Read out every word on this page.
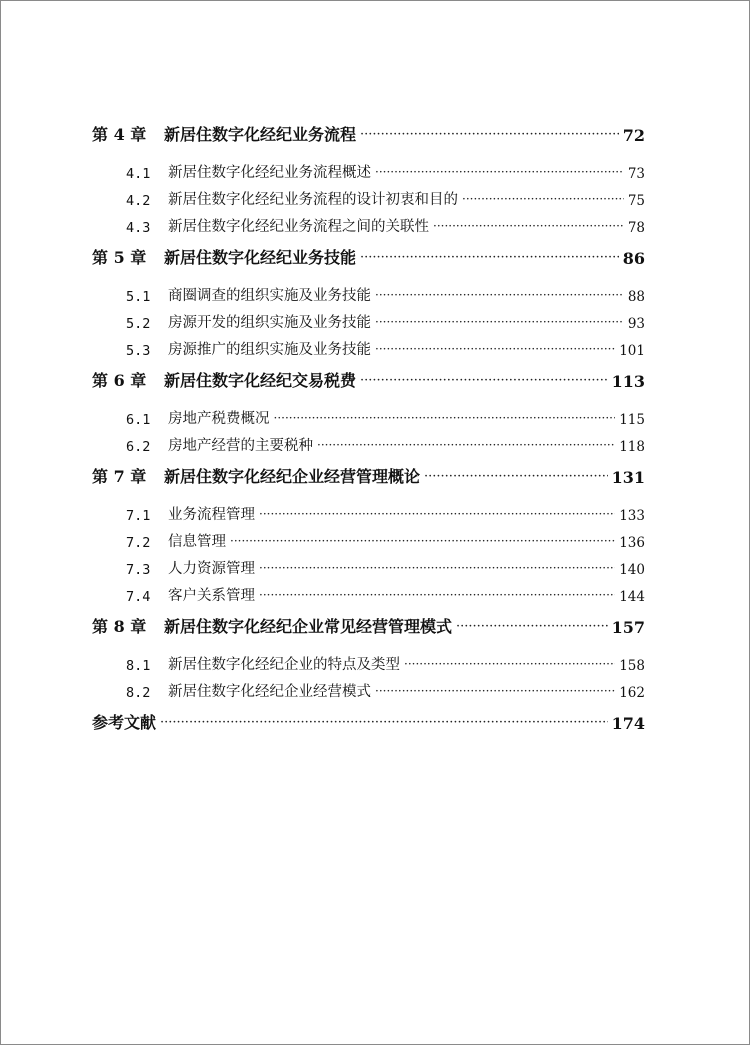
第 4 章	新居住数字化经纪业务流程 ·····	72
4.1	新居住数字化经纪业务流程概述 ·····	73
4.2	新居住数字化经纪业务流程的设计初衷和目的 ·····	75
4.3	新居住数字化经纪业务流程之间的关联性 ·····	78
第 5 章	新居住数字化经纪业务技能 ·····	86
5.1	商圈调查的组织实施及业务技能 ·····	88
5.2	房源开发的组织实施及业务技能 ·····	93
5.3	房源推广的组织实施及业务技能 ·····	101
第 6 章	新居住数字化经纪交易税费 ·····	113
6.1	房地产税费概况 ·····	115
6.2	房地产经营的主要税种 ·····	118
第 7 章	新居住数字化经纪企业经营管理概论 ·····	131
7.1	业务流程管理 ·····	133
7.2	信息管理 ·····	136
7.3	人力资源管理 ·····	140
7.4	客户关系管理 ·····	144
第 8 章	新居住数字化经纪企业常见经营管理模式 ·····	157
8.1	新居住数字化经纪企业的特点及类型 ·····	158
8.2	新居住数字化经纪企业经营模式 ·····	162
参考文献 ·····	174
